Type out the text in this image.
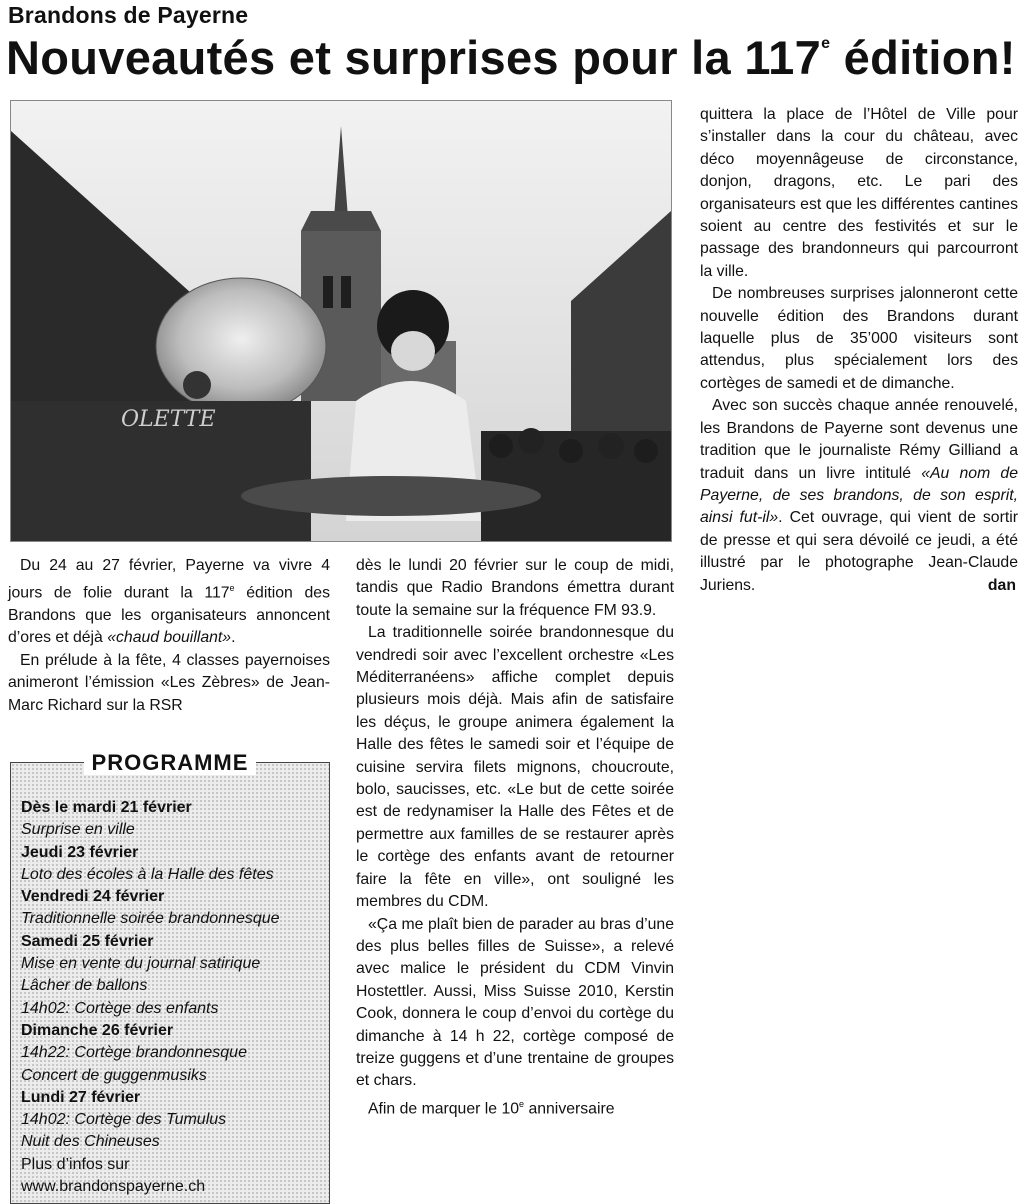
Brandons de Payerne
Nouveautés et surprises pour la 117e édition!
OLETTE

Du 24 au 27 février, Payerne va vivre 4 jours de folie durant la 117e édition des Brandons que les organisateurs annoncent d’ores et déjà «chaud bouillant».

En prélude à la fête, 4 classes payernoises animeront l’émission «Les Zèbres» de Jean-Marc Richard sur la RSR

PROGRAMME
Dès le mardi 21 février
Surprise en ville
Jeudi 23 février
Loto des écoles à la Halle des fêtes
Vendredi 24 février
Traditionnelle soirée brandonnesque
Samedi 25 février
Mise en vente du journal satirique
Lâcher de ballons
14h02: Cortège des enfants
Dimanche 26 février
14h22: Cortège brandonnesque
Concert de guggenmusiks
Lundi 27 février
14h02: Cortège des Tumulus
Nuit des Chineuses
Plus d’infos sur
www.brandonspayerne.ch

dès le lundi 20 février sur le coup de midi, tandis que Radio Brandons émettra durant toute la semaine sur la fréquence FM 93.9.

La traditionnelle soirée brandonnesque du vendredi soir avec l’excellent orchestre «Les Méditerranéens» affiche complet depuis plusieurs mois déjà. Mais afin de satisfaire les déçus, le groupe animera également la Halle des fêtes le samedi soir et l’équipe de cuisine servira filets mignons, choucroute, bolo, saucisses, etc. «Le but de cette soirée est de redynamiser la Halle des Fêtes et de permettre aux familles de se restaurer après le cortège des enfants avant de retourner faire la fête en ville», ont souligné les membres du CDM.

«Ça me plaît bien de parader au bras d’une des plus belles filles de Suisse», a relevé avec malice le président du CDM Vinvin Hostettler. Aussi, Miss Suisse 2010, Kerstin Cook, donnera le coup d’envoi du cortège du dimanche à 14 h 22, cortège composé de treize guggens et d’une trentaine de groupes et chars.

Afin de marquer le 10e anniversaire

quittera la place de l’Hôtel de Ville pour s’installer dans la cour du château, avec déco moyennâgeuse de circonstance, donjon, dragons, etc. Le pari des organisateurs est que les différentes cantines soient au centre des festivités et sur le passage des brandonneurs qui parcourront la ville.

De nombreuses surprises jalonneront cette nouvelle édition des Brandons durant laquelle plus de 35’000 visiteurs sont attendus, plus spécialement lors des cortèges de samedi et de dimanche.

Avec son succès chaque année renouvelé, les Brandons de Payerne sont devenus une tradition que le journaliste Rémy Gilliand a traduit dans un livre intitulé «Au nom de Payerne, de ses brandons, de son esprit, ainsi fut-il». Cet ouvrage, qui vient de sortir de presse et qui sera dévoilé ce jeudi, a été illustré par le photographe Jean-Claude Juriens.	dan
